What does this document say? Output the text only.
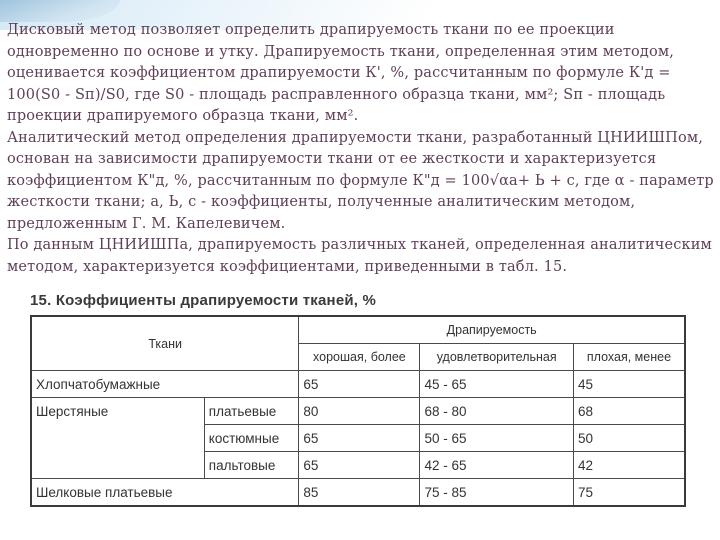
Дисковый метод позволяет определить драпируемость ткани по ее проекции одновременно по основе и утку. Драпируемость ткани, определенная этим методом, оценивается коэффициентом драпируемости К', %, рассчитанным по формуле К'д = 100(S0 - Sп)/S0, где S0 - площадь расправленного образца ткани, мм²; Sп - площадь проекции драпируемого образца ткани, мм².

Аналитический метод определения драпируемости ткани, разработанный ЦНИИШПом, основан на зависимости драпируемости ткани от ее жесткости и характеризуется коэффициентом К"д, %, рассчитанным по формуле К"д = 100√αа+ Ь + с, где α - параметр жесткости ткани; а, Ь, с - коэффициенты, полученные аналитическим методом, предложенным Г. М. Капелевичем.

По данным ЦНИИШПа, драпируемость различных тканей, определенная аналитическим методом, характеризуется коэффициентами, приведенными в табл. 15.

15. Коэффициенты драпируемости тканей, %
Ткани		Драпируемость		
		хорошая, более	удовлетворительная	плохая, менее
Хлопчатобумажные		65	45 - 65	45
Шерстяные	платьевые	80	68 - 80	68
	костюмные	65	50 - 65	50
	пальтовые	65	42 - 65	42
Шелковые платьевые		85	75 - 85	75
